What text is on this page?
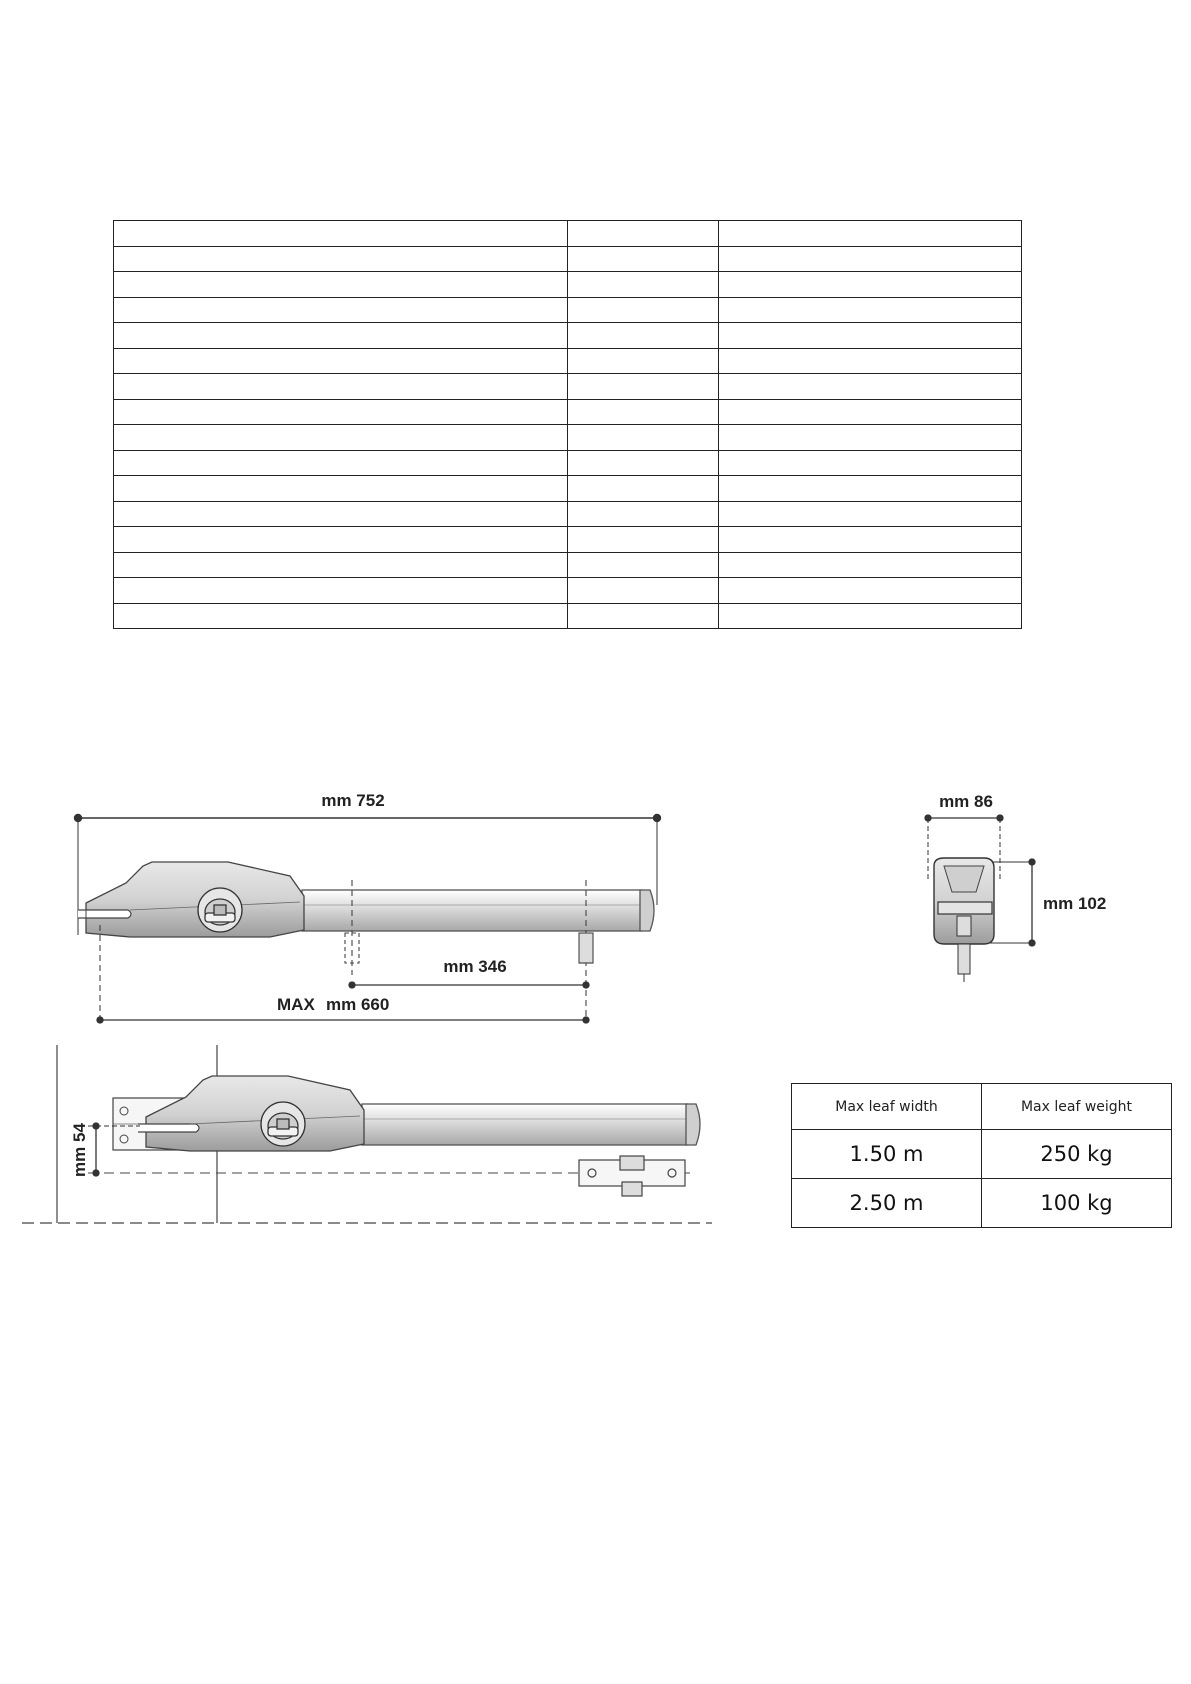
mm 752
mm 346
MAX mm 660
mm 86
mm 102
mm 54
Max leaf width	Max leaf weight
1.50 m	250 kg
2.50 m	100 kg
